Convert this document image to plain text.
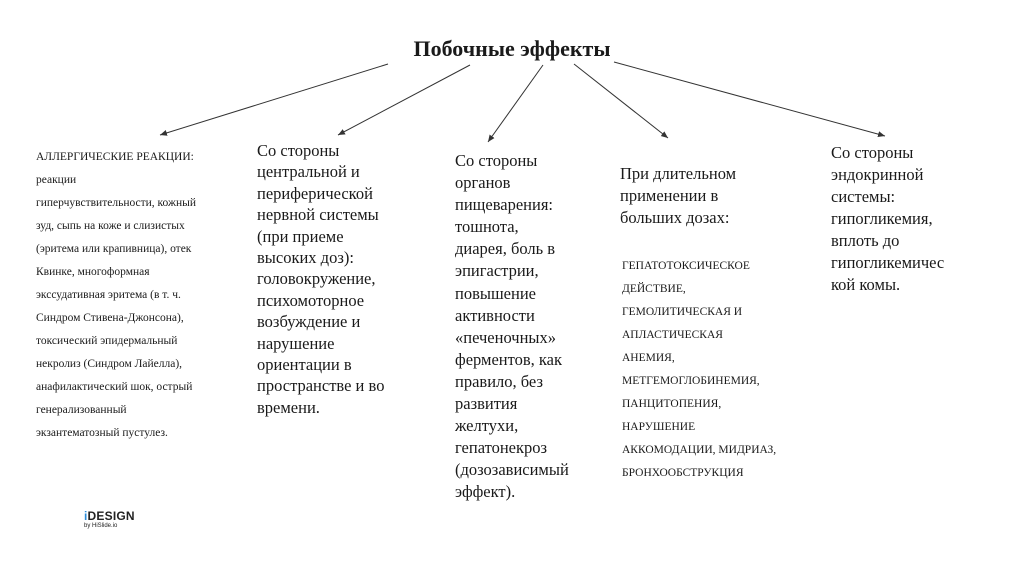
Побочные эффекты
АЛЛЕРГИЧЕСКИЕ РЕАКЦИИ:
реакции
гиперчувствительности, кожный
зуд, сыпь на коже и слизистых
(эритема или крапивница), отек
Квинке, многоформная
экссудативная эритема (в т. ч.
Синдром Стивена-Джонсона),
токсический эпидермальный
некролиз (Синдром Лайелла),
анафилактический шок, острый
генерализованный
экзантематозный пустулез.
Со стороны
центральной и
периферической
нервной системы
(при приеме
высоких доз):
головокружение,
психомоторное
возбуждение и
нарушение
ориентации в
пространстве и во
времени.
Со стороны
органов
пищеварения:
тошнота,
диарея, боль в
эпигастрии,
повышение
активности
«печеночных»
ферментов, как
правило, без
развития
желтухи,
гепатонекроз
(дозозависимый
эффект).

При длительном
применении в
больших дозах:

ГЕПАТОТОКСИЧЕСКОЕ
ДЕЙСТВИЕ,
ГЕМОЛИТИЧЕСКАЯ И
АПЛАСТИЧЕСКАЯ
АНЕМИЯ,
МЕТГЕМОГЛОБИНЕМИЯ,
ПАНЦИТОПЕНИЯ,
НАРУШЕНИЕ
АККОМОДАЦИИ, МИДРИАЗ,
БРОНХООБСТРУКЦИЯ

Со стороны
эндокринной
системы:
гипогликемия,
вплоть до
гипогликемичес
кой комы.
iDESIGN
by HiSlide.io
